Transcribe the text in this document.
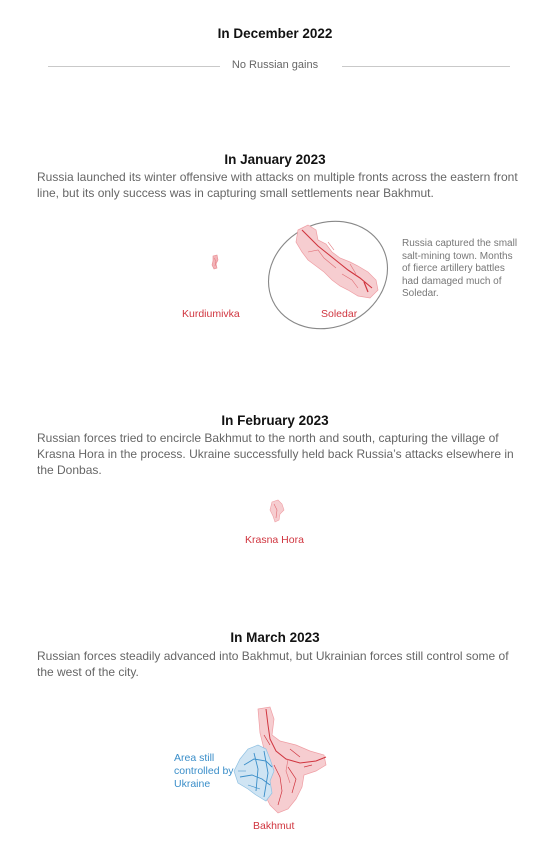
In December 2022
No Russian gains
In January 2023
Russia launched its winter offensive with attacks on multiple fronts across the eastern front line, but its only success was in capturing small settlements near Bakhmut.
Kurdiumivka	Soledar
Russia captured the small salt-mining town. Months of fierce artillery battles had damaged much of Soledar.
In February 2023
Russian forces tried to encircle Bakhmut to the north and south, capturing the village of Krasna Hora in the process. Ukraine successfully held back Russia’s attacks elsewhere in the Donbas.
Krasna Hora
In March 2023
Russian forces steadily advanced into Bakhmut, but Ukrainian forces still control some of the west of the city.
Area still controlled by Ukraine
Bakhmut
